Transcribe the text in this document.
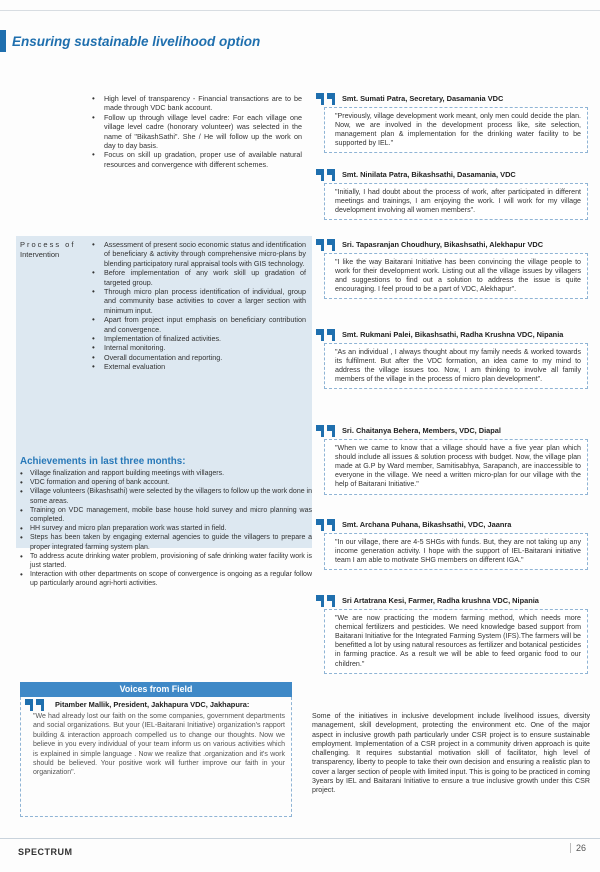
Ensuring sustainable livelihood option
• High level of transparency - Financial transactions are to be made through VDC bank account.
• Follow up through village level cadre: For each village one village level cadre (honorary volunteer) was selected in the name of "BikashSathi". She / He will follow up the work on day to day basis.
• Focus on skill up gradation, proper use of available natural resources and convergence with different schemes.
Process of
Intervention
• Assessment of present socio economic status and identification of beneficiary & activity through comprehensive micro-plans by blending participatory rural appraisal tools with GIS technology.
• Before implementation of any work skill up gradation of targeted group.
• Through micro plan process identification of individual, group and community base activities to cover a larger section with minimum input.
• Apart from project input emphasis on beneficiary contribution and convergence.
• Implementation of finalized activities.
• Internal monitoring.
• Overall documentation and reporting.
• External evaluation
Achievements in last three months:
• Village finalization and rapport building meetings with villagers.
• VDC formation and opening of bank account.
• Village volunteers (Bikashsathi) were selected by the villagers to follow up the work done in some areas.
• Training on VDC management, mobile base house hold survey and micro planning was completed.
• HH survey and micro plan preparation work was started in field.
• Steps has been taken by engaging external agencies to guide the villagers to prepare a proper integrated farming system plan.
• To address acute drinking water problem, provisioning of safe drinking water facility work is just started.
• Interaction with other departments on scope of convergence is ongoing as a regular follow up particularly around agri-horti activities.
Voices from Field
Pitamber Mallik, President, Jakhapura VDC, Jakhapura:
"We had already lost our faith on the some companies, government departments and social organizations. But your (IEL-Baitarani Initiative) organization's rapport building & interaction approach compelled us to change our thoughts. Now we believe in you every individual of your team inform us on various activities which is explained in simple language . Now we realize that .organization and it's work should be believed. Your positive work will further improve our faith in your organization".
Smt. Sumati Patra, Secretary, Dasamania VDC
"Previously, village development work meant, only men could decide the plan. Now, we are involved in the development process like, site selection, management plan & implementation for the drinking water facility to be supported by IEL."
Smt. Ninilata Patra, Bikashsathi, Dasamania, VDC
"Initially, I had doubt about the process of work, after participated in different meetings and trainings, I am enjoying the work. I will work for my village development involving all women members".
Sri. Tapasranjan Choudhury, Bikashsathi, Alekhapur VDC
"I like the way Baitarani Initiative has been convincing the village people to work for their development work. Listing out all the village issues by villagers and suggestions to find out a solution to address the issue is quite encouraging. I feel proud to be a part of VDC, Alekhapur".
Smt. Rukmani Palei, Bikashsathi, Radha Krushna VDC, Nipania
"As an individual , I always thought about my family needs & worked towards its fulfilment. But after the VDC formation, an idea came to my mind to address the village issues too. Now, I am thinking to involve all family members of the village in the process of micro plan development".
Sri. Chaitanya Behera, Members, VDC, Diapal
"When we came to know that a village should have a five year plan which should include all issues & solution process with budget. Now, the village plan made at G.P by Ward member, Samitisabhya, Sarapanch, are inaccessible to everyone in the village. We need a written micro-plan for our village with the help of Baitarani Initiative."
Smt. Archana Puhana, Bikashsathi, VDC, Jaanra
"In our village, there are 4-5 SHGs with funds. But, they are not taking up any income generation activity. I hope with the support of IEL-Baitarani initiative team I am able to motivate SHG members on different IGA."
Sri Artatrana Kesi, Farmer, Radha krushna VDC, Nipania
"We are now practicing the modern farming method, which needs more chemical fertilizers and pesticides. We need knowledge based support from Baitarani Initiative for the Integrated Farming System (IFS).The farmers will be benefitted a lot by using natural resources as fertilizer and botanical pesticides in farming practice. As a result we will be able to feed organic food to our children."
Some of the initiatives in inclusive development include livelihood issues, diversity management, skill development, protecting the environment etc. One of the major aspect in inclusive growth path particularly under CSR project is to ensure sustainable employment. Implementation of a CSR project in a community driven approach is quite challenging. It requires substantial motivation skill of facilitator, high level of transparency, liberty to people to take their own decision and ensuring a realistic plan to cover a larger section of people with limited input. This is going to be practiced in coming 3years by IEL and Baitarani Initiative to ensure a true inclusive growth under this CSR project.
SPECTRUM	26
